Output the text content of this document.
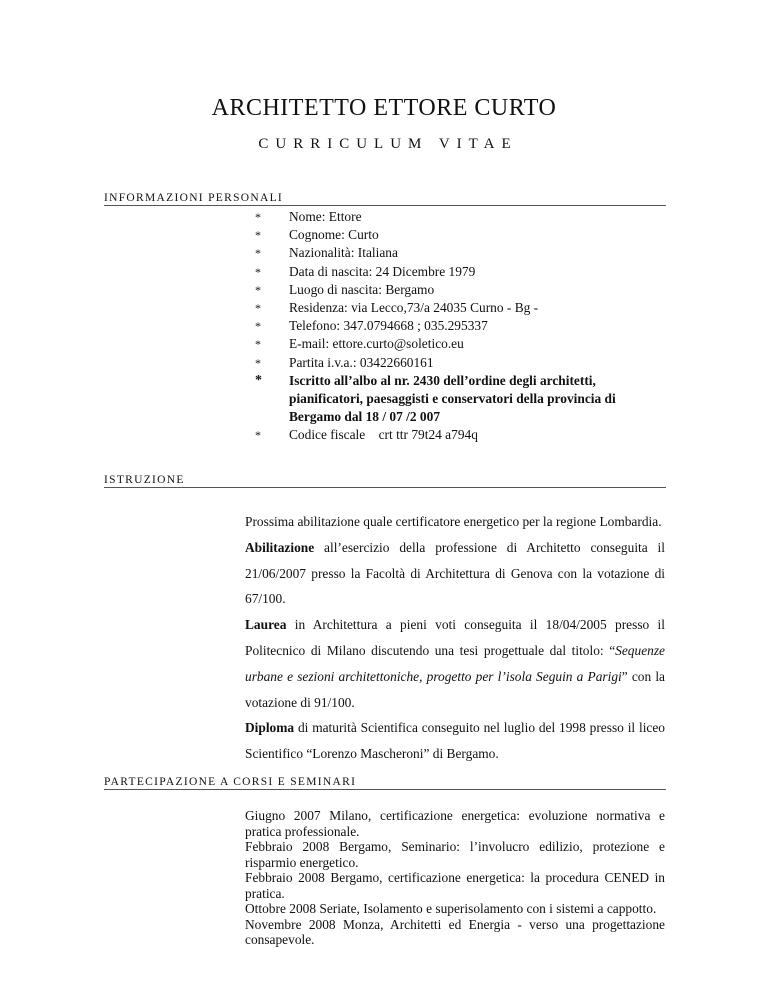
ARCHITETTO ETTORE CURTO
CURRICULUM VITAE
INFORMAZIONI PERSONALI
* Nome: Ettore
* Cognome: Curto
* Nazionalità: Italiana
* Data di nascita: 24 Dicembre 1979
* Luogo di nascita: Bergamo
* Residenza: via Lecco,73/a 24035 Curno - Bg -
* Telefono: 347.0794668 ; 035.295337
* E-mail: ettore.curto@soletico.eu
* Partita i.v.a.: 03422660161
* Iscritto all’albo al nr. 2430 dell’ordine degli architetti, pianificatori, paesaggisti e conservatori della provincia di Bergamo dal 18 / 07 /2 007
* Codice fiscale    crt ttr 79t24 a794q
ISTRUZIONE

Prossima abilitazione quale certificatore energetico per la regione Lombardia.

Abilitazione all’esercizio della professione di Architetto conseguita il 21/06/2007 presso la Facoltà di Architettura di Genova con la votazione di 67/100.

Laurea in Architettura a pieni voti conseguita il 18/04/2005 presso il Politecnico di Milano discutendo una tesi progettuale dal titolo: “Sequenze urbane e sezioni architettoniche, progetto per l’isola Seguin a Parigi” con la votazione di 91/100.

Diploma di maturità Scientifica conseguito nel luglio del 1998 presso il liceo Scientifico “Lorenzo Mascheroni” di Bergamo.

PARTECIPAZIONE A CORSI E SEMINARI

Giugno 2007 Milano, certificazione energetica: evoluzione normativa e pratica professionale.

Febbraio 2008 Bergamo, Seminario: l’involucro edilizio, protezione e risparmio energetico.

Febbraio 2008 Bergamo, certificazione energetica: la procedura CENED in pratica.

Ottobre 2008 Seriate, Isolamento e superisolamento con i sistemi a cappotto.

Novembre 2008 Monza, Architetti ed Energia - verso una progettazione consapevole.
